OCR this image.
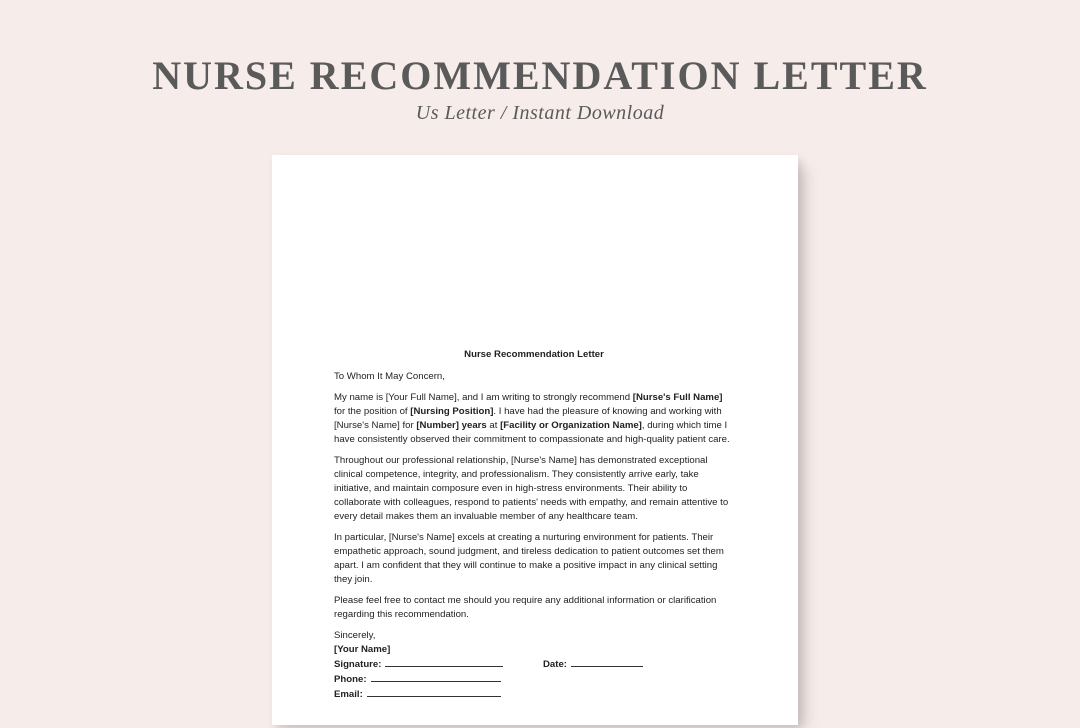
NURSE RECOMMENDATION LETTER
Us Letter / Instant Download
Nurse Recommendation Letter

To Whom It May Concern,

My name is [Your Full Name], and I am writing to strongly recommend [Nurse's Full Name] for the position of [Nursing Position]. I have had the pleasure of knowing and working with [Nurse's Name] for [Number] years at [Facility or Organization Name], during which time I have consistently observed their commitment to compassionate and high-quality patient care.

Throughout our professional relationship, [Nurse's Name] has demonstrated exceptional clinical competence, integrity, and professionalism. They consistently arrive early, take initiative, and maintain composure even in high-stress environments. Their ability to collaborate with colleagues, respond to patients' needs with empathy, and remain attentive to every detail makes them an invaluable member of any healthcare team.

In particular, [Nurse's Name] excels at creating a nurturing environment for patients. Their empathetic approach, sound judgment, and tireless dedication to patient outcomes set them apart. I am confident that they will continue to make a positive impact in any clinical setting they join.

Please feel free to contact me should you require any additional information or clarification regarding this recommendation.

Sincerely,
[Your Name]
Signature:	Date:
Phone:
Email:
